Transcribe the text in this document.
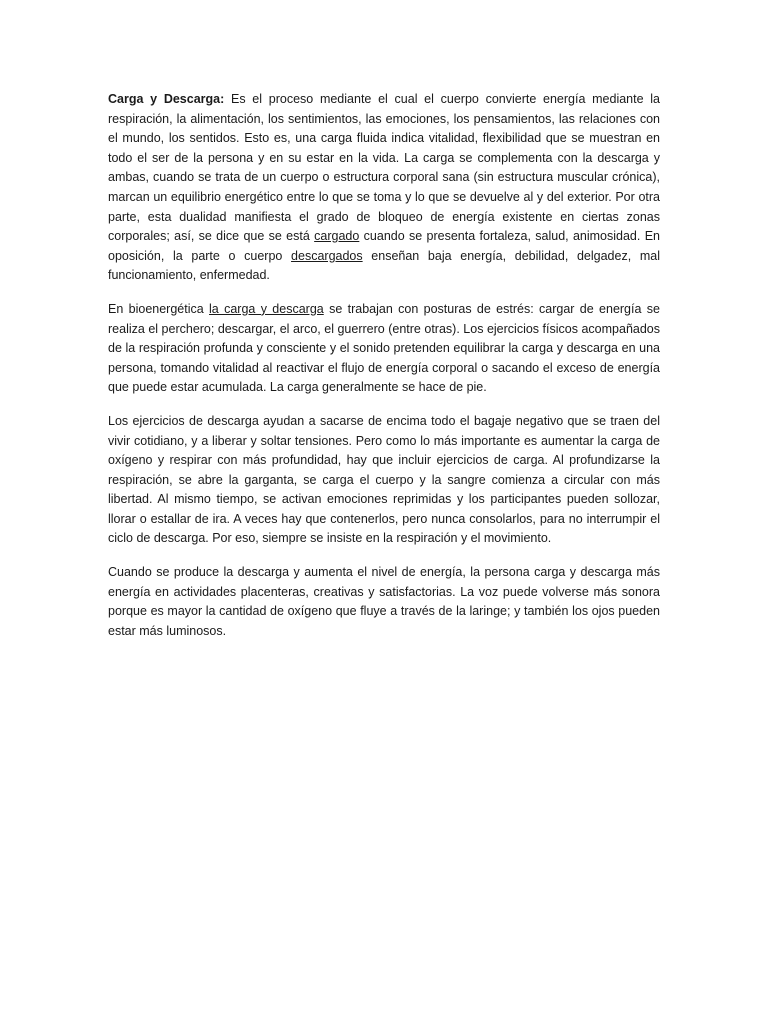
Carga y Descarga: Es el proceso mediante el cual el cuerpo convierte energía mediante la respiración, la alimentación, los sentimientos, las emociones, los pensamientos, las relaciones con el mundo, los sentidos. Esto es, una carga fluida indica vitalidad, flexibilidad que se muestran en todo el ser de la persona y en su estar en la vida. La carga se complementa con la descarga y ambas, cuando se trata de un cuerpo o estructura corporal sana (sin estructura muscular crónica), marcan un equilibrio energético entre lo que se toma y lo que se devuelve al y del exterior. Por otra parte, esta dualidad manifiesta el grado de bloqueo de energía existente en ciertas zonas corporales; así, se dice que se está cargado cuando se presenta fortaleza, salud, animosidad. En oposición, la parte o cuerpo descargados enseñan baja energía, debilidad, delgadez, mal funcionamiento, enfermedad.

En bioenergética la carga y descarga se trabajan con posturas de estrés: cargar de energía se realiza el perchero; descargar, el arco, el guerrero (entre otras). Los ejercicios físicos acompañados de la respiración profunda y consciente y el sonido pretenden equilibrar la carga y descarga en una persona, tomando vitalidad al reactivar el flujo de energía corporal o sacando el exceso de energía que puede estar acumulada. La carga generalmente se hace de pie.

Los ejercicios de descarga ayudan a sacarse de encima todo el bagaje negativo que se traen del vivir cotidiano, y a liberar y soltar tensiones. Pero como lo más importante es aumentar la carga de oxígeno y respirar con más profundidad, hay que incluir ejercicios de carga. Al profundizarse la respiración, se abre la garganta, se carga el cuerpo y la sangre comienza a circular con más libertad. Al mismo tiempo, se activan emociones reprimidas y los participantes pueden sollozar, llorar o estallar de ira. A veces hay que contenerlos, pero nunca consolarlos, para no interrumpir el ciclo de descarga. Por eso, siempre se insiste en la respiración y el movimiento.

Cuando se produce la descarga y aumenta el nivel de energía, la persona carga y descarga más energía en actividades placenteras, creativas y satisfactorias. La voz puede volverse más sonora porque es mayor la cantidad de oxígeno que fluye a través de la laringe; y también los ojos pueden estar más luminosos.
